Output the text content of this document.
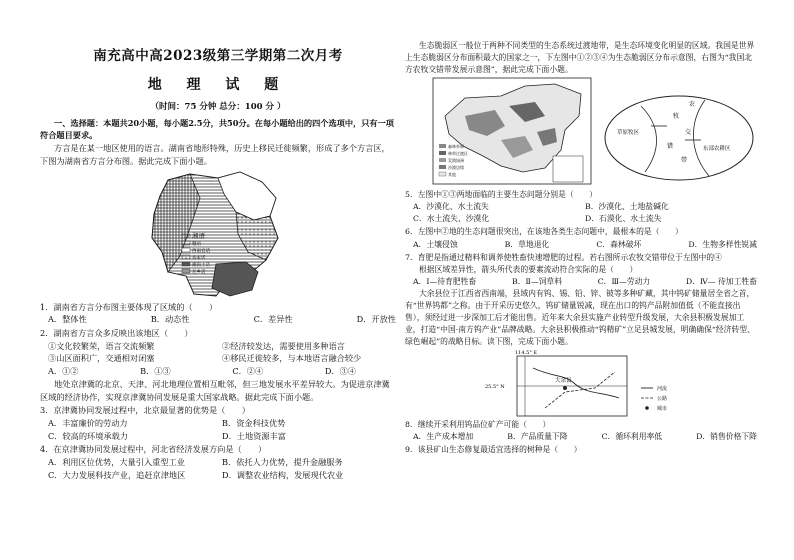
南充高中高2023级第三学期第二次月考
地 理 试 题
（时间：75 分钟 总分：100 分 ）

一、选择题：本题共20小题，每小题2.5分，共50分。在每小题给出的四个选项中，只有一项符合题目要求。

方言是在某一地区使用的语言。湖南省地形特殊，历史上移民迁徙频繁，形成了多个方言区，下图为湖南省方言分布图。据此完成下面小题。

湘语
赣语
西南官话
客家话
湘南土话
瓦乡话

1．湖南省方言分布图主要体现了区域的（　　）

A．整体性	B．动态性	C．差异性	D．开放性

2．湖南省方言众多反映出该地区（　　）

①文化较繁荣，语言交流频繁	②经济较发达，需要使用多种语言
③山区面积广，交通相对闭塞	④移民迁徙较多，与本地语言融合较少
A．①②	B．①③	C．②④	D．③④

地处京津冀的北京、天津、河北地理位置相互毗邻，但三地发展水平差异较大。为促进京津冀区域的经济协作，实现京津冀协同发展是重大国家战略。据此完成下面小题。

3．京津冀协同发展过程中，北京最显著的优势是（　　）

A．丰富廉价的劳动力	B．资金科技优势
C．较高的环境承载力	D．土地资源丰富

4．在京津冀协同发展过程中，河北省经济发展方向是（　　）

A．利用区位优势，大量引入重型工业	B．依托人力优势，提升金融服务
C．大力发展科技产业，追赶京津地区	D．调整农业结构，发展现代农业

生态脆弱区一般位于两种不同类型的生态系统过渡地带，是生态环境变化明显的区域。我国是世界上生态脆弱区分布面积最大的国家之一，下左图中①②③④为生态脆弱区分布示意图，右图为“我国北方农牧交错带发展示意图”，据此完成下面小题。

森林草原
林草过渡区
荒漠绿洲
沙漠边缘
其他
草原牧区
东部农耕区
农
牧
交
错
带

5．左图中①③两地面临的主要生态问题分别是（　　）

A．沙漠化、水土流失	B．沙漠化、土地盐碱化
C．水土流失、沙漠化	D．石漠化、水土流失

6．左图中②地的生态问题很突出，在该地各类生态问题中，最根本的是（　　）

A．土壤侵蚀	B．草地退化	C．森林破坏	D．生物多样性锐减

7．育肥是指通过精料和调养使牲畜快速增肥的过程。若右图所示农牧交错带位于左图中的④

根据区域差异性，箭头所代表的要素流动符合实际的是（　　）

A．Ⅰ—待育肥牲畜	B．Ⅱ—饲草料	C．Ⅲ—劳动力	D．Ⅳ— 待加工牲畜

大余县位于江西省西南端，县域内有钨、锡、铅、锌、铍等多种矿藏，其中钨矿储量居全省之首，有“世界钨都”之称。由于开采历史悠久，钨矿储量锐减，现在出口的钨产品附加值低（不能直接出售），须经过进一步深加工后才能出售。近年来大余县实施产业转型升级发展，大余县积极发展加工业，打造“中国·南方钨产业”品牌战略。大余县积极推动“钨精矿”立足县城发展，明确确保“经济转型、绿色崛起”的战略目标。读下图，完成下面小题。

114.5° E
25.5° N
大余县
河流
公路
城市

8．继续开采利用钨品位矿产可能（　　）

A．生产成本增加	B．产品质量下降	C．循环利用率低	D．销售价格下降

9．该县矿山生态修复最适宜选择的树种是（　　）
